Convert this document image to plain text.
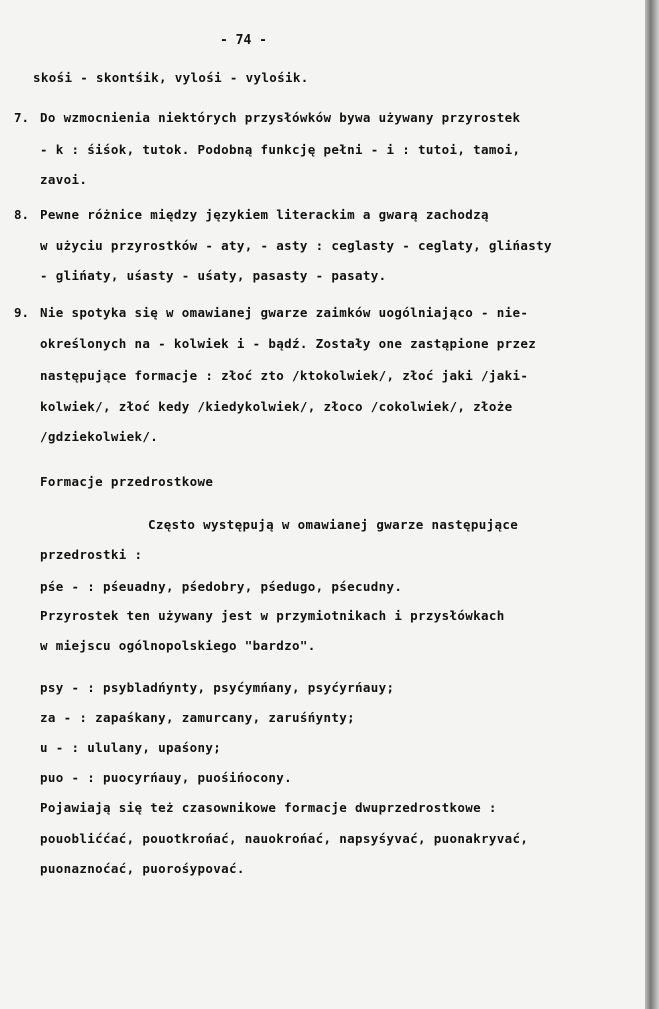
- 74 -

skośi - skontśik, vylośi - vylośik.

7. Do wzmocnienia niektórych przysłówków bywa używany przyrostek

- k : śiśok, tutok. Podobną funkcję pełni - i : tutoi, tamoi,

zavoi.

8. Pewne różnice między językiem literackim a gwarą zachodzą

w użyciu przyrostków - aty, - asty : ceglasty - ceglaty, glińasty

- glińaty, uśasty - uśaty, pasasty - pasaty.

9. Nie spotyka się w omawianej gwarze zaimków uogólniająco - nie-

określonych na - kolwiek i - bądź. Zostały one zastąpione przez

następujące formacje : złoć zto /ktokolwiek/, złoć jaki /jaki-

kolwiek/, złoć kedy /kiedykolwiek/, złoco /cokolwiek/, złoże

/gdziekolwiek/.

Formacje przedrostkowe

Często występują w omawianej gwarze następujące

przedrostki :

pśe - : pśeuadny, pśedobry, pśedugo, pśecudny.

Przyrostek ten używany jest w przymiotnikach i przysłówkach

w miejscu ogólnopolskiego "bardzo".

psy - : psybladńynty, psyćymńany, psyćyrńauy;

za - : zapaśkany, zamurcany, zaruśńynty;

u - : ululany, upaśony;

puo - : puocyrńauy, puośińocony.

Pojawiają się też czasownikowe formacje dwuprzedrostkowe :

pouobliććać, pouotkrońać, nauokrońać, napsyśyvać, puonakryvać,

puonaznoćać, puorośypovać.
